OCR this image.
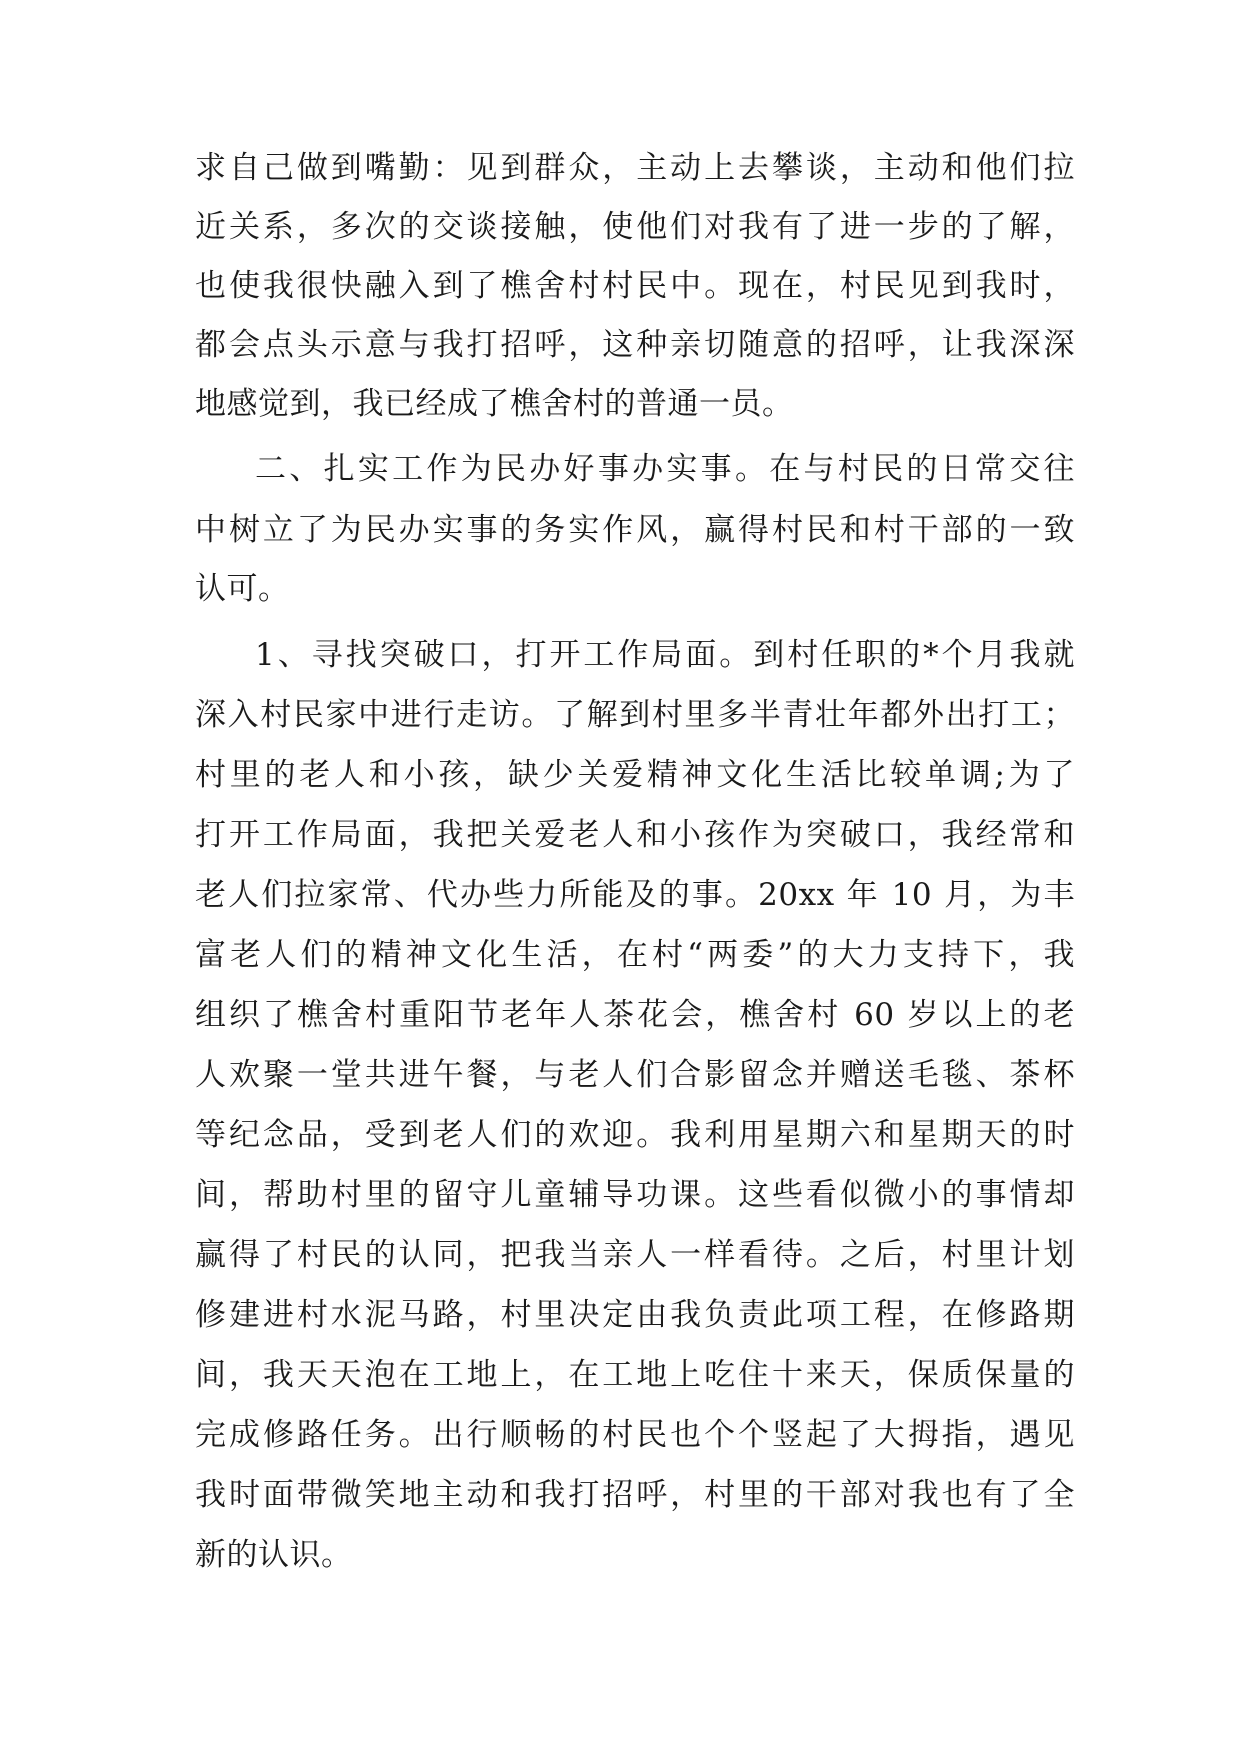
求自己做到嘴勤：见到群众，主动上去攀谈，主动和他们拉
近关系，多次的交谈接触，使他们对我有了进一步的了解，
也使我很快融入到了樵舍村村民中。现在，村民见到我时，
都会点头示意与我打招呼，这种亲切随意的招呼，让我深深
地感觉到，我已经成了樵舍村的普通一员。
二、扎实工作为民办好事办实事。在与村民的日常交往
中树立了为民办实事的务实作风，赢得村民和村干部的一致
认可。
1、寻找突破口，打开工作局面。到村任职的*个月我就
深入村民家中进行走访。了解到村里多半青壮年都外出打工；
村里的老人和小孩，缺少关爱精神文化生活比较单调;为了
打开工作局面，我把关爱老人和小孩作为突破口，我经常和
老人们拉家常、代办些力所能及的事。20xx 年 10 月，为丰
富老人们的精神文化生活，在村“两委”的大力支持下，我
组织了樵舍村重阳节老年人茶花会，樵舍村 60 岁以上的老
人欢聚一堂共进午餐，与老人们合影留念并赠送毛毯、茶杯
等纪念品，受到老人们的欢迎。我利用星期六和星期天的时
间，帮助村里的留守儿童辅导功课。这些看似微小的事情却
赢得了村民的认同，把我当亲人一样看待。之后，村里计划
修建进村水泥马路，村里决定由我负责此项工程，在修路期
间，我天天泡在工地上，在工地上吃住十来天，保质保量的
完成修路任务。出行顺畅的村民也个个竖起了大拇指，遇见
我时面带微笑地主动和我打招呼，村里的干部对我也有了全
新的认识。
